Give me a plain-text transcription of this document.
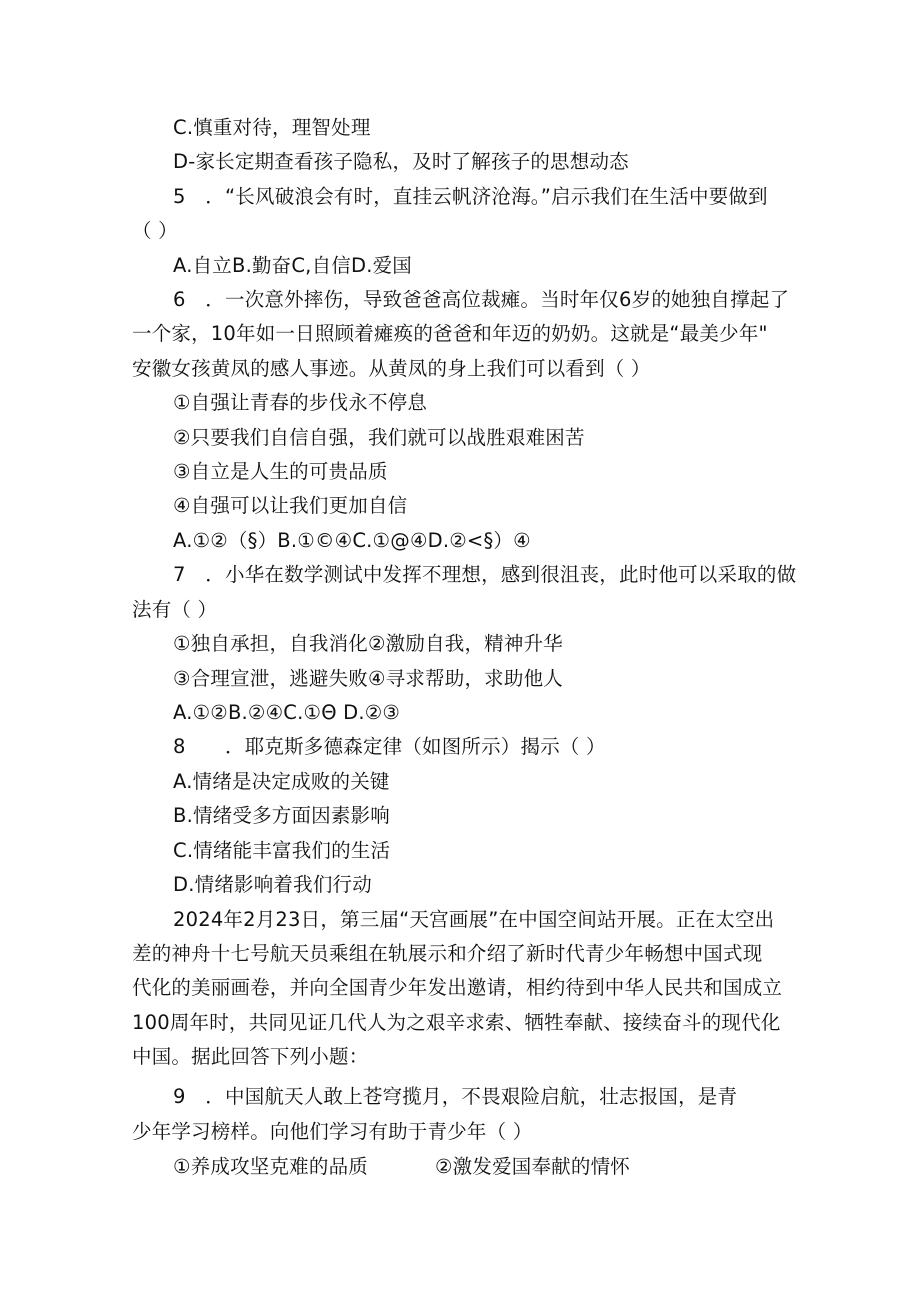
C.慎重对待，理智处理
D-家长定期查看孩子隐私，及时了解孩子的思想动态
5　．“长风破浪会有时，直挂云帆济沧海。”启示我们在生活中要做到
（ ）
A.自立B.勤奋C,自信D.爱国
6　．一次意外摔伤，导致爸爸高位裁瘫。当时年仅6岁的她独自撑起了
一个家，10年如一日照顾着瘫痪的爸爸和年迈的奶奶。这就是“最美少年"
安徽女孩黄凤的感人事迹。从黄凤的身上我们可以看到（ ）
①自强让青春的步伐永不停息
②只要我们自信自强，我们就可以战胜艰难困苦
③自立是人生的可贵品质
④自强可以让我们更加自信
A.①②（§）B.①©④C.①@④D.②<§）④
7　．小华在数学测试中发挥不理想，感到很沮丧，此时他可以采取的做
法有（ ）
①独自承担，自我消化②激励自我，精神升华
③合理宣泄，逃避失败④寻求帮助，求助他人
A.①②B.②④C.①Θ D.②③
8　　．耶克斯多德森定律（如图所示）揭示（ ）
A.情绪是决定成败的关键
B.情绪受多方面因素影响
C.情绪能丰富我们的生活
D.情绪影响着我们行动
2024年2月23日，第三届“天宫画展”在中国空间站开展。正在太空出
差的神舟十七号航天员乘组在轨展示和介绍了新时代青少年畅想中国式现
代化的美丽画卷，并向全国青少年发出邀请，相约待到中华人民共和国成立
100周年时，共同见证几代人为之艰辛求索、牺牲奉献、接续奋斗的现代化
中国。据此回答下列小题：
9　．中国航天人敢上苍穹揽月，不畏艰险启航，壮志报国，是青
少年学习榜样。向他们学习有助于青少年（ ）
①养成攻坚克难的品质	②激发爱国奉献的情怀
